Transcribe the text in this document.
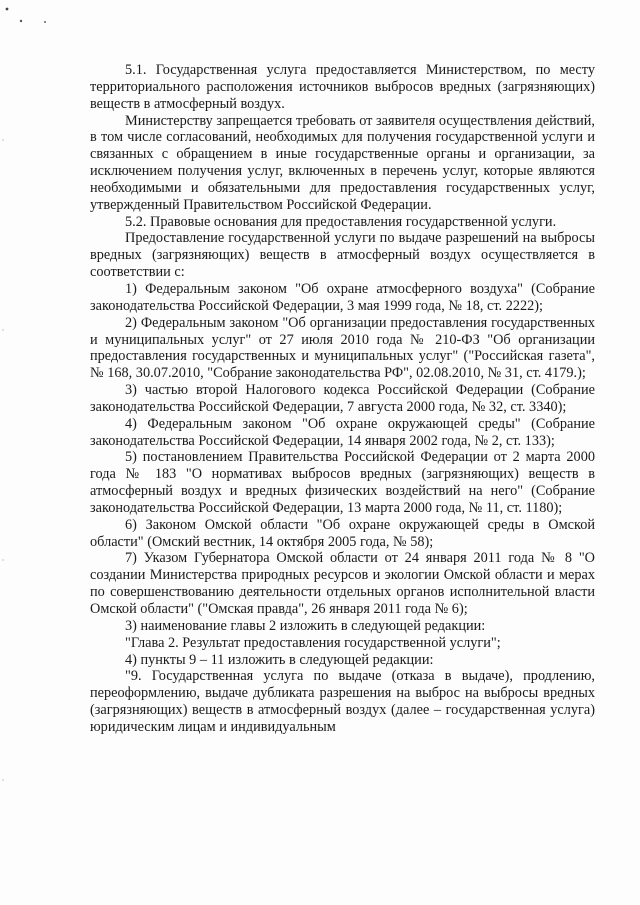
5.1. Государственная услуга предоставляется Министерством, по месту территориального расположения источников выбросов вредных (загрязняющих) веществ в атмосферный воздух.

Министерству запрещается требовать от заявителя осуществления действий, в том числе согласований, необходимых для получения государственной услуги и связанных с обращением в иные государственные органы и организации, за исключением получения услуг, включенных в перечень услуг, которые являются необходимыми и обязательными для предоставления государственных услуг, утвержденный Правительством Российской Федерации.

5.2. Правовые основания для предоставления государственной услуги.

Предоставление государственной услуги по выдаче разрешений на выбросы вредных (загрязняющих) веществ в атмосферный воздух осуществляется в соответствии с:

1) Федеральным законом "Об охране атмосферного воздуха" (Собрание законодательства Российской Федерации, 3 мая 1999 года, № 18, ст. 2222);

2) Федеральным законом "Об организации предоставления государственных и муниципальных услуг" от 27 июля 2010 года № 210-ФЗ "Об организации предоставления государственных и муниципальных услуг" ("Российская газета", № 168, 30.07.2010, "Собрание законодательства РФ", 02.08.2010, № 31, ст. 4179.);

3) частью второй Налогового кодекса Российской Федерации (Собрание законодательства Российской Федерации, 7 августа 2000 года, № 32, ст. 3340);

4) Федеральным законом "Об охране окружающей среды" (Собрание законодательства Российской Федерации, 14 января 2002 года, № 2, ст. 133);

5) постановлением Правительства Российской Федерации от 2 марта 2000 года № 183 "О нормативах выбросов вредных (загрязняющих) веществ в атмосферный воздух и вредных физических воздействий на него" (Собрание законодательства Российской Федерации, 13 марта 2000 года, № 11, ст. 1180);

6) Законом Омской области "Об охране окружающей среды в Омской области" (Омский вестник, 14 октября 2005 года, № 58);

7) Указом Губернатора Омской области от 24 января 2011 года № 8 "О создании Министерства природных ресурсов и экологии Омской области и мерах по совершенствованию деятельности отдельных органов исполнительной власти Омской области" ("Омская правда", 26 января 2011 года № 6);

3) наименование главы 2 изложить в следующей редакции:

"Глава 2. Результат предоставления государственной услуги";

4) пункты 9 – 11 изложить в следующей редакции:

"9. Государственная услуга по выдаче (отказа в выдаче), продлению, переоформлению, выдаче дубликата разрешения на выброс на выбросы вредных (загрязняющих) веществ в атмосферный воздух (далее – государственная услуга) юридическим лицам и индивидуальным
